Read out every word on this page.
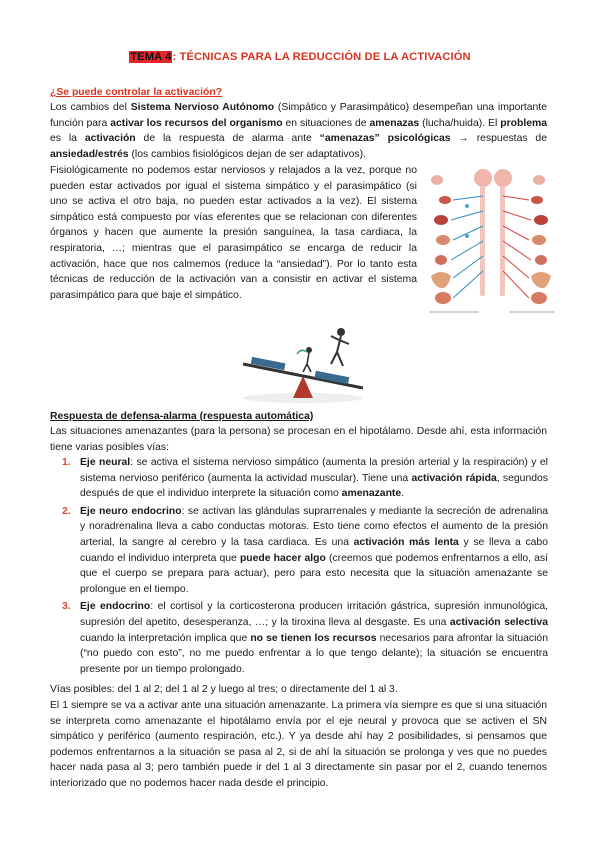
TEMA 4: TÉCNICAS PARA LA REDUCCIÓN DE LA ACTIVACIÓN
¿Se puede controlar la activación?
Los cambios del Sistema Nervioso Autónomo (Simpático y Parasimpático) desempeñan una importante función para activar los recursos del organismo en situaciones de amenazas (lucha/huida). El problema es la activación de la respuesta de alarma ante “amenazas” psicológicas → respuestas de ansiedad/estrés (los cambios fisiológicos dejan de ser adaptativos).
Fisiológicamente no podemos estar nerviosos y relajados a la vez, porque no pueden estar activados por igual el sistema simpático y el parasimpático (si uno se activa el otro baja, no pueden estar activados a la vez). El sistema simpático está compuesto por vías eferentes que se relacionan con diferentes órganos y hacen que aumente la presión sanguínea, la tasa cardiaca, la respiratoria, …; mientras que el parasimpático se encarga de reducir la activación, hace que nos calmemos (reduce la “ansiedad”). Por lo tanto esta técnicas de reducción de la activación van a consistir en activar el sistema parasimpático para que baje el simpático.
Respuesta de defensa-alarma (respuesta automática)
Las situaciones amenazantes (para la persona) se procesan en el hipotálamo. Desde ahí, esta información tiene varias posibles vías:
1. Eje neural: se activa el sistema nervioso simpático (aumenta la presión arterial y la respiración) y el sistema nervioso periférico (aumenta la actividad muscular). Tiene una activación rápida, segundos después de que el individuo interprete la situación como amenazante.
2. Eje neuro endocrino: se activan las glándulas suprarrenales y mediante la secreción de adrenalina y noradrenalina lleva a cabo conductas motoras. Esto tiene como efectos el aumento de la presión arterial, la sangre al cerebro y la tasa cardiaca. Es una activación más lenta y se lleva a cabo cuando el individuo interpreta que puede hacer algo (creemos que podemos enfrentarnos a ello, así que el cuerpo se prepara para actuar), pero para esto necesita que la situación amenazante se prolongue en el tiempo.
3. Eje endocrino: el cortisol y la corticosterona producen irritación gástrica, supresión inmunológica, supresión del apetito, desesperanza, …; y la tiroxina lleva al desgaste. Es una activación selectiva cuando la interpretación implica que no se tienen los recursos necesarios para afrontar la situación (“no puedo con esto”, no me puedo enfrentar a lo que tengo delante); la situación se encuentra presente por un tiempo prolongado.
Vías posibles: del 1 al 2; del 1 al 2 y luego al tres; o directamente del 1 al 3.
El 1 siempre se va a activar ante una situación amenazante. La primera vía siempre es que si una situación se interpreta como amenazante el hipotálamo envía por el eje neural y provoca que se activen el SN simpático y periférico (aumento respiración, etc.). Y ya desde ahí hay 2 posibilidades, si pensamos que podemos enfrentarnos a la situación se pasa al 2, si de ahí la situación se prolonga y ves que no puedes hacer nada pasa al 3; pero también puede ir del 1 al 3 directamente sin pasar por el 2, cuando tenemos interiorizado que no podemos hacer nada desde el principio.
